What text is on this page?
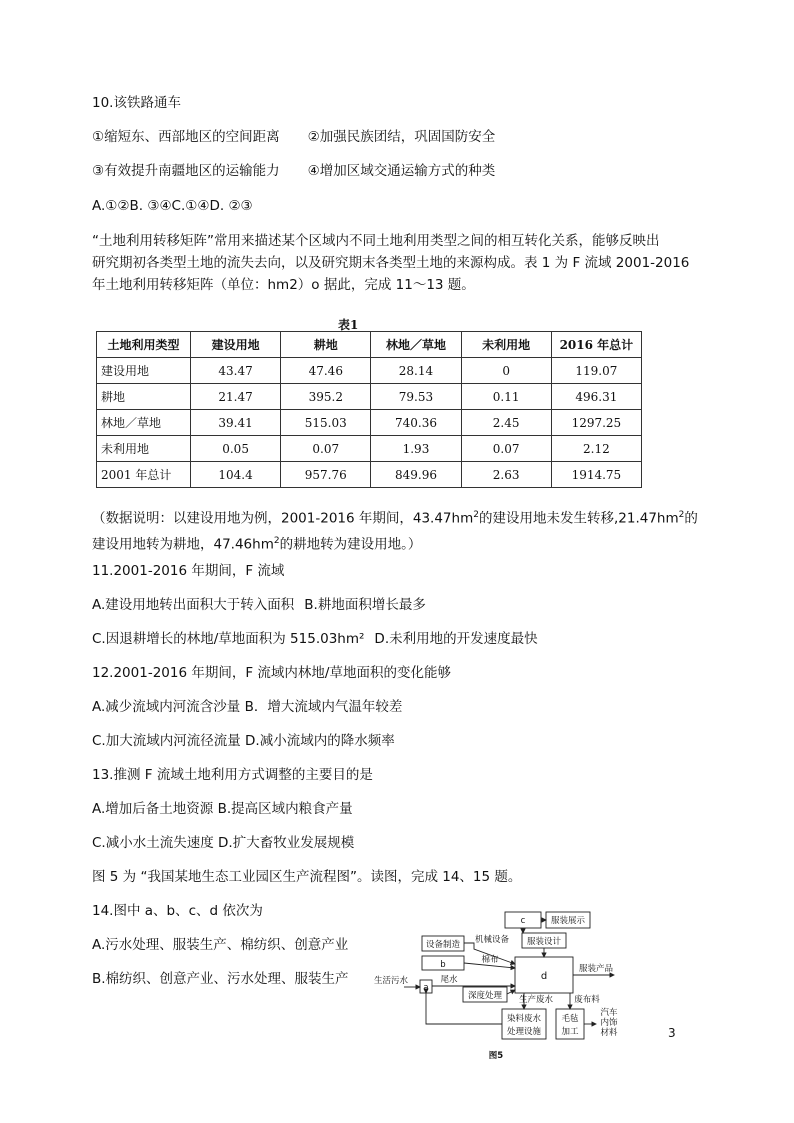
10.该铁路通车
①缩短东、西部地区的空间距离 ②加强民族团结，巩固国防安全
③有效提升南疆地区的运输能力 ④增加区域交通运输方式的种类
A.①②B. ③④C.①④D. ②③
“土地利用转移矩阵”常用来描述某个区域内不同土地利用类型之间的相互转化关系，能够反映出
研究期初各类型土地的流失去向，以及研究期末各类型土地的来源构成。表 1 为 F 流域 2001-2016
年土地利用转移矩阵（单位：hm2）o 据此，完成 11～13 题。
表1
土地利用类型	建设用地	耕地	林地／草地	未利用地	2016 年总计
建设用地	43.47	47.46	28.14	0	119.07
耕地	21.47	395.2	79.53	0.11	496.31
林地／草地	39.41	515.03	740.36	2.45	1297.25
未利用地	0.05	0.07	1.93	0.07	2.12
2001 年总计	104.4	957.76	849.96	2.63	1914.75
（数据说明：以建设用地为例，2001-2016 年期间，$43.47hm^2$的建设用地未发生转移$,21.47hm^2$的
建设用地转为耕地，$47.46hm^2$的耕地转为建设用地。）
11.2001-2016 年期间，F 流域
A.建设用地转出面积大于转入面积 B.耕地面积增长最多
C.因退耕增长的林地/草地面积为 515.03hm² D.未利用地的开发速度最快
12.2001-2016 年期间，F 流域内林地/草地面积的变化能够
A.减少流域内河流含沙量 B．增大流域内气温年较差
C.加大流域内河流径流量 D.减小流域内的降水频率
13.推测 F 流域土地利用方式调整的主要目的是
A.增加后备土地资源 B.提高区域内粮食产量
C.减小水土流失速度 D.扩大畜牧业发展规模
图 5 为 “我国某地生态工业园区生产流程图”。读图，完成 14、15 题。
14.图中 a、b、c、d 依次为
A.污水处理、服装生产、棉纺织、创意产业
B.棉纺织、创意产业、污水处理、服装生产
c	服装展示
设备制造 机械设备 服装设计
b	棉布
d
服装产品
生活污水
a
尾水
深度处理 生产废水 废布料
染料废水
处理设施
毛毡
加工
汽车
内饰
材料
图5
3
